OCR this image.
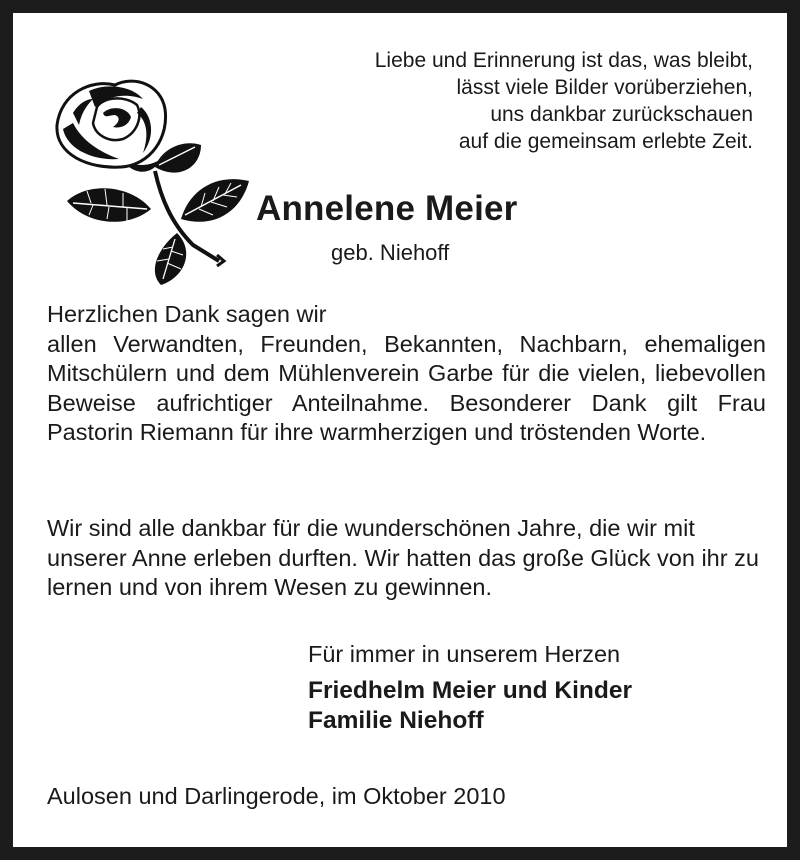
Liebe und Erinnerung ist das, was bleibt,
lässt viele Bilder vorüberziehen,
uns dankbar zurückschauen
auf die gemeinsam erlebte Zeit.
Annelene Meier
geb. Niehoff
Herzlichen Dank sagen wir
allen Verwandten, Freunden, Bekannten, Nachbarn, ehemaligen Mitschülern und dem Mühlenverein Garbe für die vielen, liebevollen Beweise aufrichtiger Anteilnahme. Besonderer Dank gilt Frau Pastorin Riemann für ihre warmherzigen und tröstenden Worte.
Wir sind alle dankbar für die wunderschönen Jahre, die wir mit unserer Anne erleben durften. Wir hatten das große Glück von ihr zu lernen und von ihrem Wesen zu gewinnen.
Für immer in unserem Herzen
Friedhelm Meier und Kinder
Familie Niehoff
Aulosen und Darlingerode, im Oktober 2010
